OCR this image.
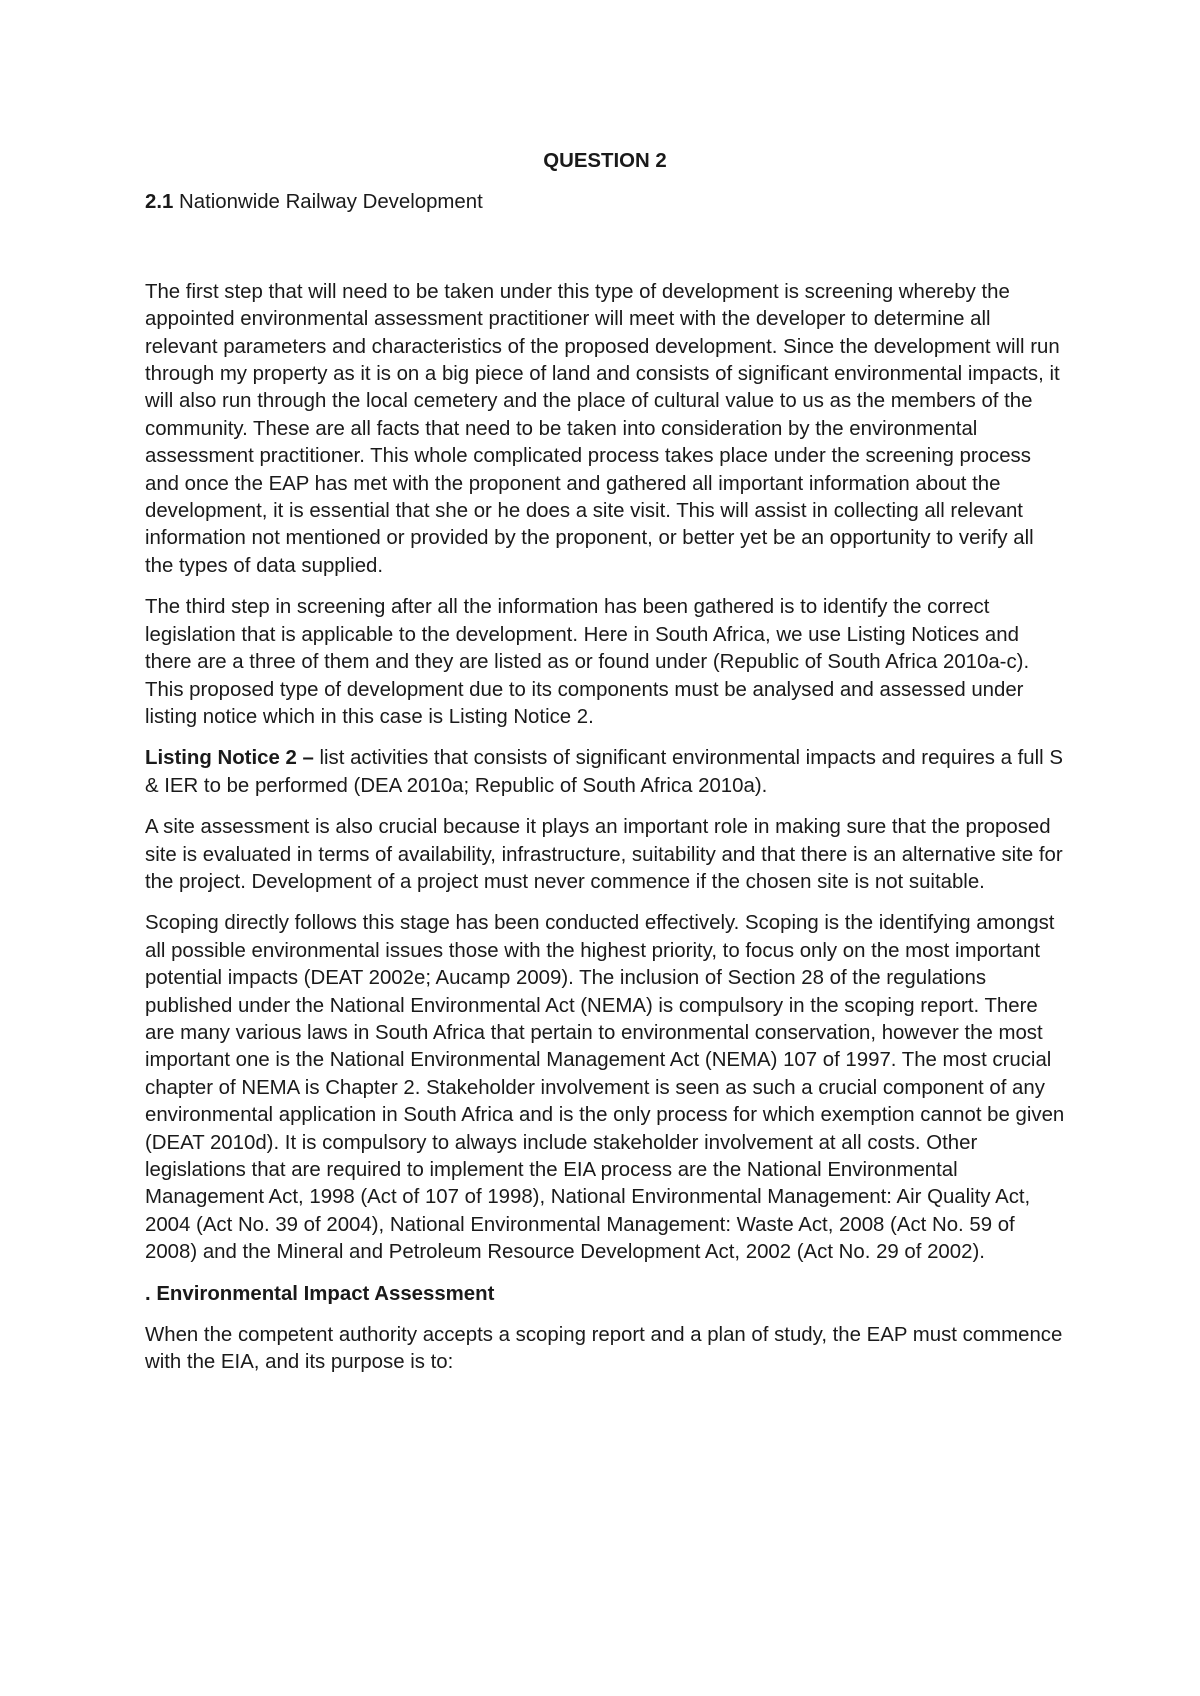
QUESTION 2
2.1 Nationwide Railway Development

The first step that will need to be taken under this type of development is screening whereby the appointed environmental assessment practitioner will meet with the developer to determine all relevant parameters and characteristics of the proposed development. Since the development will run through my property as it is on a big piece of land and consists of significant environmental impacts, it will also run through the local cemetery and the place of cultural value to us as the members of the community. These are all facts that need to be taken into consideration by the environmental assessment practitioner. This whole complicated process takes place under the screening process and once the EAP has met with the proponent and gathered all important information about the development, it is essential that she or he does a site visit. This will assist in collecting all relevant information not mentioned or provided by the proponent, or better yet be an opportunity to verify all the types of data supplied.

The third step in screening after all the information has been gathered is to identify the correct legislation that is applicable to the development. Here in South Africa, we use Listing Notices and there are a three of them and they are listed as or found under (Republic of South Africa 2010a-c). This proposed type of development due to its components must be analysed and assessed under listing notice which in this case is Listing Notice 2.

Listing Notice 2 – list activities that consists of significant environmental impacts and requires a full S & IER to be performed (DEA 2010a; Republic of South Africa 2010a).

A site assessment is also crucial because it plays an important role in making sure that the proposed site is evaluated in terms of availability, infrastructure, suitability and that there is an alternative site for the project. Development of a project must never commence if the chosen site is not suitable.

Scoping directly follows this stage has been conducted effectively. Scoping is the identifying amongst all possible environmental issues those with the highest priority, to focus only on the most important potential impacts (DEAT 2002e; Aucamp 2009). The inclusion of Section 28 of the regulations published under the National Environmental Act (NEMA) is compulsory in the scoping report. There are many various laws in South Africa that pertain to environmental conservation, however the most important one is the National Environmental Management Act (NEMA) 107 of 1997. The most crucial chapter of NEMA is Chapter 2. Stakeholder involvement is seen as such a crucial component of any environmental application in South Africa and is the only process for which exemption cannot be given (DEAT 2010d). It is compulsory to always include stakeholder involvement at all costs. Other legislations that are required to implement the EIA process are the National Environmental Management Act, 1998 (Act of 107 of 1998), National Environmental Management: Air Quality Act, 2004 (Act No. 39 of 2004), National Environmental Management: Waste Act, 2008 (Act No. 59 of 2008) and the Mineral and Petroleum Resource Development Act, 2002 (Act No. 29 of 2002).

. Environmental Impact Assessment

When the competent authority accepts a scoping report and a plan of study, the EAP must commence with the EIA, and its purpose is to:
